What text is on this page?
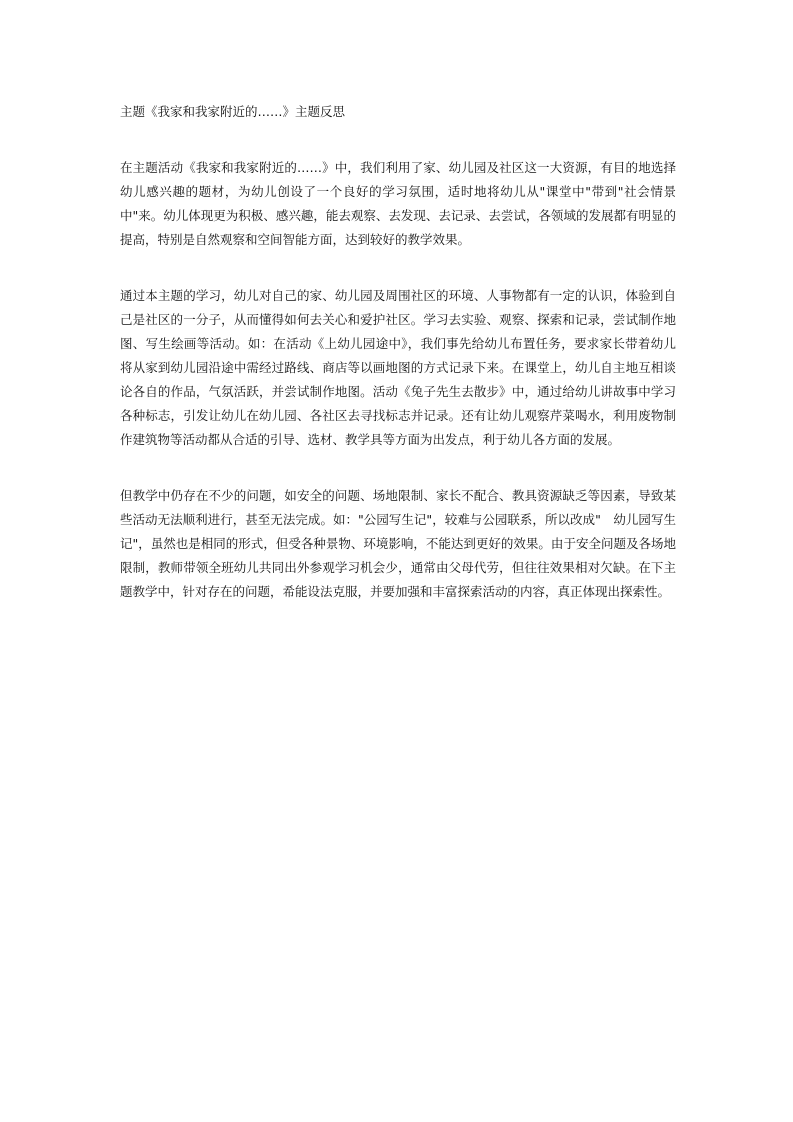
主题《我家和我家附近的……》主题反思

在主题活动《我家和我家附近的……》中，我们利用了家、幼儿园及社区这一大资源，有目的地选择幼儿感兴趣的题材，为幼儿创设了一个良好的学习氛围，适时地将幼儿从"课堂中"带到"社会情景中"来。幼儿体现更为积极、感兴趣，能去观察、去发现、去记录、去尝试，各领域的发展都有明显的提高，特别是自然观察和空间智能方面，达到较好的教学效果。

通过本主题的学习，幼儿对自己的家、幼儿园及周围社区的环境、人事物都有一定的认识，体验到自己是社区的一分子，从而懂得如何去关心和爱护社区。学习去实验、观察、探索和记录，尝试制作地图、写生绘画等活动。如：在活动《上幼儿园途中》，我们事先给幼儿布置任务，要求家长带着幼儿将从家到幼儿园沿途中需经过路线、商店等以画地图的方式记录下来。在课堂上，幼儿自主地互相谈论各自的作品，气氛活跃，并尝试制作地图。活动《兔子先生去散步》中，通过给幼儿讲故事中学习各种标志，引发让幼儿在幼儿园、各社区去寻找标志并记录。还有让幼儿观察芹菜喝水，利用废物制作建筑物等活动都从合适的引导、选材、教学具等方面为出发点，利于幼儿各方面的发展。

但教学中仍存在不少的问题，如安全的问题、场地限制、家长不配合、教具资源缺乏等因素，导致某些活动无法顺利进行，甚至无法完成。如："公园写生记"，较难与公园联系，所以改成"　幼儿园写生记"，虽然也是相同的形式，但受各种景物、环境影响，不能达到更好的效果。由于安全问题及各场地限制，教师带领全班幼儿共同出外参观学习机会少，通常由父母代劳，但往往效果相对欠缺。在下主题教学中，针对存在的问题，希能设法克服，并要加强和丰富探索活动的内容，真正体现出探索性。
